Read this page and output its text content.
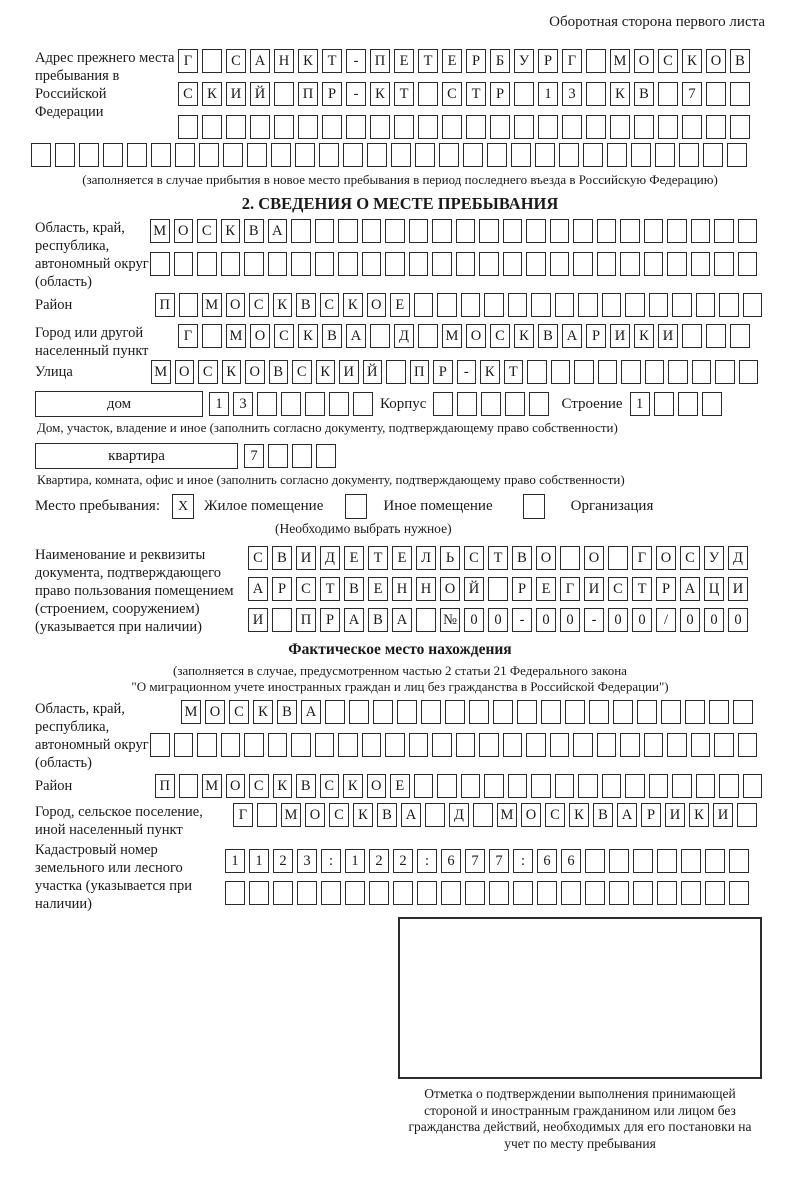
Оборотная сторона первого листа
Адрес прежнего места пребывания в Российской Федерации
Г	С А Н К	Т	-	П Е	Т	Е	Р	Б	У	Р	Г	М О С К О В
С К И Й	П	Р	-	К	Т	С	Т	Р	1	3	К В	7
(заполняется в случае прибытия в новое место пребывания в период последнего въезда в Российскую Федерацию)
2. СВЕДЕНИЯ О МЕСТЕ ПРЕБЫВАНИЯ
Область, край, республика, автономный округ (область)
М О С К В А
Район	П	М О С К В С К О Е
Город или другой населенный пункт
Г	М О С К В А	Д	М О С К В А	Р	И К И
Улица	М О С К О В С К И Й	П Р	-	К Т
дом	1	3	Корпус	Строение 1
Дом, участок, владение и иное (заполнить согласно документу, подтверждающему право собственности)
квартира	7
Квартира, комната, офис и иное (заполнить согласно документу, подтверждающему право собственности)
Место пребывания:	X	Жилое помещение	Иное помещение	Организация
(Необходимо выбрать нужное)
Наименование и реквизиты документа, подтверждающего право пользования помещением (строением, сооружением) (указывается при наличии)
С В И Д	Е	Т	Е	Л	Ь	С	Т	В О	О	Г	О С У Д
А	Р	С	Т	В	Е Н Н О Й	Р	Е	Г	И С	Т	Р	А Ц И
И	П	Р	А В А	№ 0	0	-	0	0	-	0	0	/	0	0	0
Фактическое место нахождения
(заполняется в случае, предусмотренном частью 2 статьи 21 Федерального закона
"О миграционном учете иностранных граждан и лиц без гражданства в Российской Федерации")
Область, край, республика, автономный округ (область)
М О С К В А
Район	П	М О С К В С К О Е
Город, сельское поселение, иной населенный пункт
Г	М О С К В А	Д	М О С К В А	Р	И К И
Кадастровый номер земельного или лесного участка (указывается при наличии)
1	1	2	3	:	1	2	2	:	6	7	7	:	6	6
Отметка о подтверждении выполнения принимающей стороной и иностранным гражданином или лицом без гражданства действий, необходимых для его постановки на учет по месту пребывания
